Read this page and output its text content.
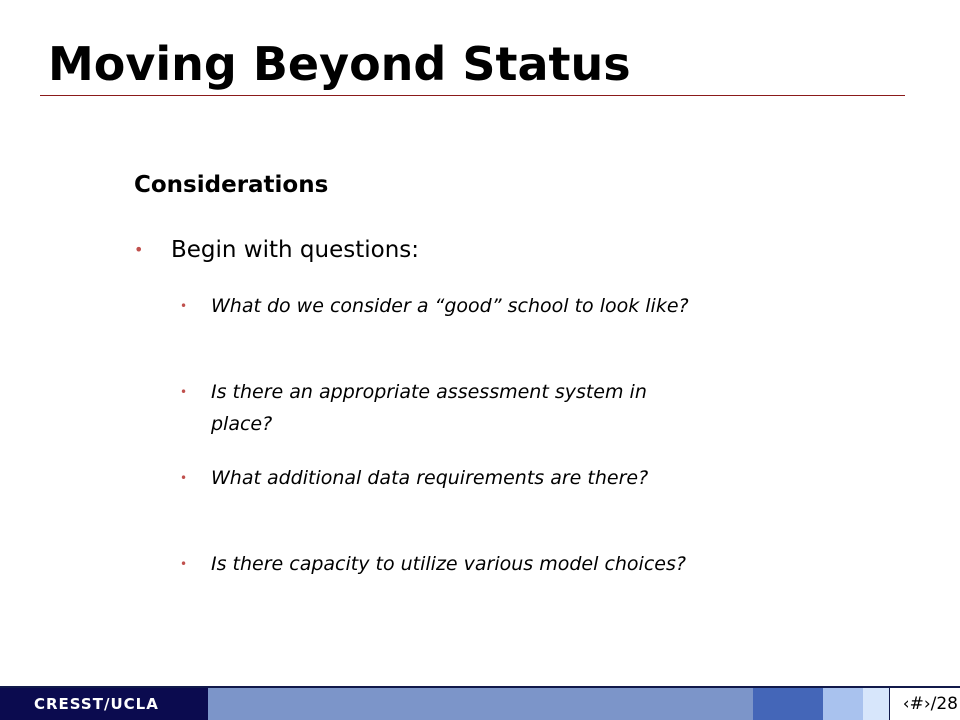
Moving Beyond Status
Considerations
• Begin with questions:
• What do we consider a “good” school to look like?
• Is there an appropriate assessment system in place?
• What additional data requirements are there?
• Is there capacity to utilize various model choices?
CRESST/UCLA	‹#›/28
